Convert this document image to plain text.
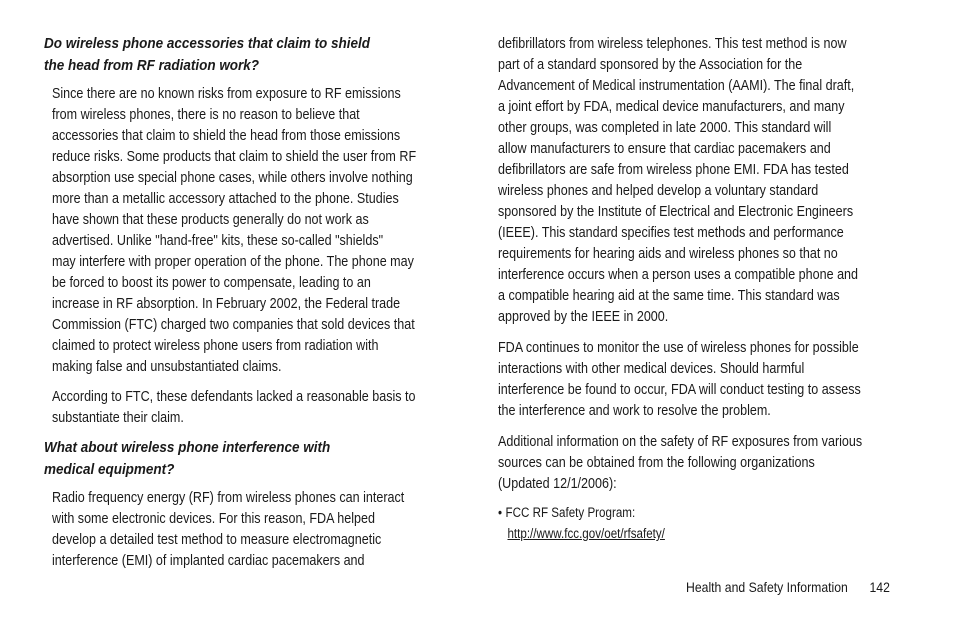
Do wireless phone accessories that claim to shield
the head from RF radiation work?

Since there are no known risks from exposure to RF emissions
from wireless phones, there is no reason to believe that
accessories that claim to shield the head from those emissions
reduce risks. Some products that claim to shield the user from RF
absorption use special phone cases, while others involve nothing
more than a metallic accessory attached to the phone. Studies
have shown that these products generally do not work as
advertised. Unlike "hand-free" kits, these so-called "shields"
may interfere with proper operation of the phone. The phone may
be forced to boost its power to compensate, leading to an
increase in RF absorption. In February 2002, the Federal trade
Commission (FTC) charged two companies that sold devices that
claimed to protect wireless phone users from radiation with
making false and unsubstantiated claims.

According to FTC, these defendants lacked a reasonable basis to
substantiate their claim.

What about wireless phone interference with
medical equipment?

Radio frequency energy (RF) from wireless phones can interact
with some electronic devices. For this reason, FDA helped
develop a detailed test method to measure electromagnetic
interference (EMI) of implanted cardiac pacemakers and

defibrillators from wireless telephones. This test method is now
part of a standard sponsored by the Association for the
Advancement of Medical instrumentation (AAMI). The final draft,
a joint effort by FDA, medical device manufacturers, and many
other groups, was completed in late 2000. This standard will
allow manufacturers to ensure that cardiac pacemakers and
defibrillators are safe from wireless phone EMI. FDA has tested
wireless phones and helped develop a voluntary standard
sponsored by the Institute of Electrical and Electronic Engineers
(IEEE). This standard specifies test methods and performance
requirements for hearing aids and wireless phones so that no
interference occurs when a person uses a compatible phone and
a compatible hearing aid at the same time. This standard was
approved by the IEEE in 2000.

FDA continues to monitor the use of wireless phones for possible
interactions with other medical devices. Should harmful
interference be found to occur, FDA will conduct testing to assess
the interference and work to resolve the problem.

Additional information on the safety of RF exposures from various
sources can be obtained from the following organizations
(Updated 12/1/2006):

• FCC RF Safety Program:
http://www.fcc.gov/oet/rfsafety/
Health and Safety Information 142
